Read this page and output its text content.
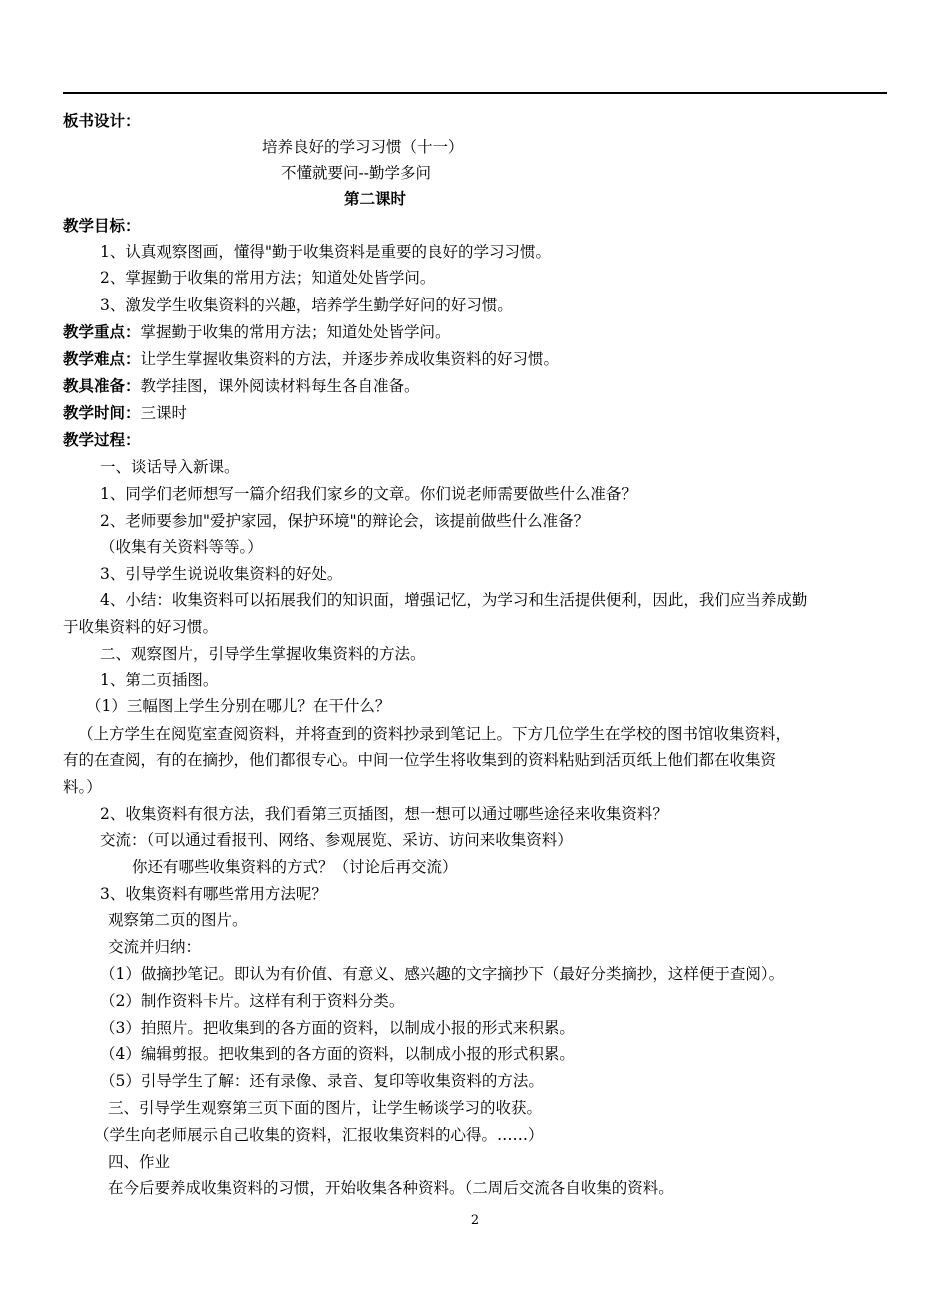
板书设计：
培养良好的学习习惯（十一）
不懂就要问--勤学多问
第二课时
教学目标：
1、认真观察图画，懂得"勤于收集资料是重要的良好的学习习惯。
2、掌握勤于收集的常用方法；知道处处皆学问。
3、激发学生收集资料的兴趣，培养学生勤学好问的好习惯。
教学重点：掌握勤于收集的常用方法；知道处处皆学问。
教学难点：让学生掌握收集资料的方法，并逐步养成收集资料的好习惯。
教具准备：教学挂图，课外阅读材料每生各自准备。
教学时间：三课时
教学过程：
一、谈话导入新课。
1、同学们老师想写一篇介绍我们家乡的文章。你们说老师需要做些什么准备？
2、老师要参加"爱护家园，保护环境"的辩论会，该提前做些什么准备？
（收集有关资料等等。）
3、引导学生说说收集资料的好处。
4、小结：收集资料可以拓展我们的知识面，增强记忆，为学习和生活提供便利，因此，我们应当养成勤
于收集资料的好习惯。
二、观察图片，引导学生掌握收集资料的方法。
1、第二页插图。
（1）三幅图上学生分别在哪儿？在干什么？
（上方学生在阅览室查阅资料，并将查到的资料抄录到笔记上。下方几位学生在学校的图书馆收集资料，
有的在查阅，有的在摘抄，他们都很专心。中间一位学生将收集到的资料粘贴到活页纸上他们都在收集资
料。）
2、收集资料有很方法，我们看第三页插图，想一想可以通过哪些途径来收集资料？
交流：（可以通过看报刊、网络、参观展览、采访、访问来收集资料）
你还有哪些收集资料的方式？（讨论后再交流）
3、收集资料有哪些常用方法呢？
观察第二页的图片。
交流并归纳：
（1）做摘抄笔记。即认为有价值、有意义、感兴趣的文字摘抄下（最好分类摘抄，这样便于查阅）。
（2）制作资料卡片。这样有利于资料分类。
（3）拍照片。把收集到的各方面的资料，以制成小报的形式来积累。
（4）编辑剪报。把收集到的各方面的资料，以制成小报的形式积累。
（5）引导学生了解：还有录像、录音、复印等收集资料的方法。
三、引导学生观察第三页下面的图片，让学生畅谈学习的收获。
（学生向老师展示自己收集的资料，汇报收集资料的心得。……）
四、作业
在今后要养成收集资料的习惯，开始收集各种资料。（二周后交流各自收集的资料。
2
